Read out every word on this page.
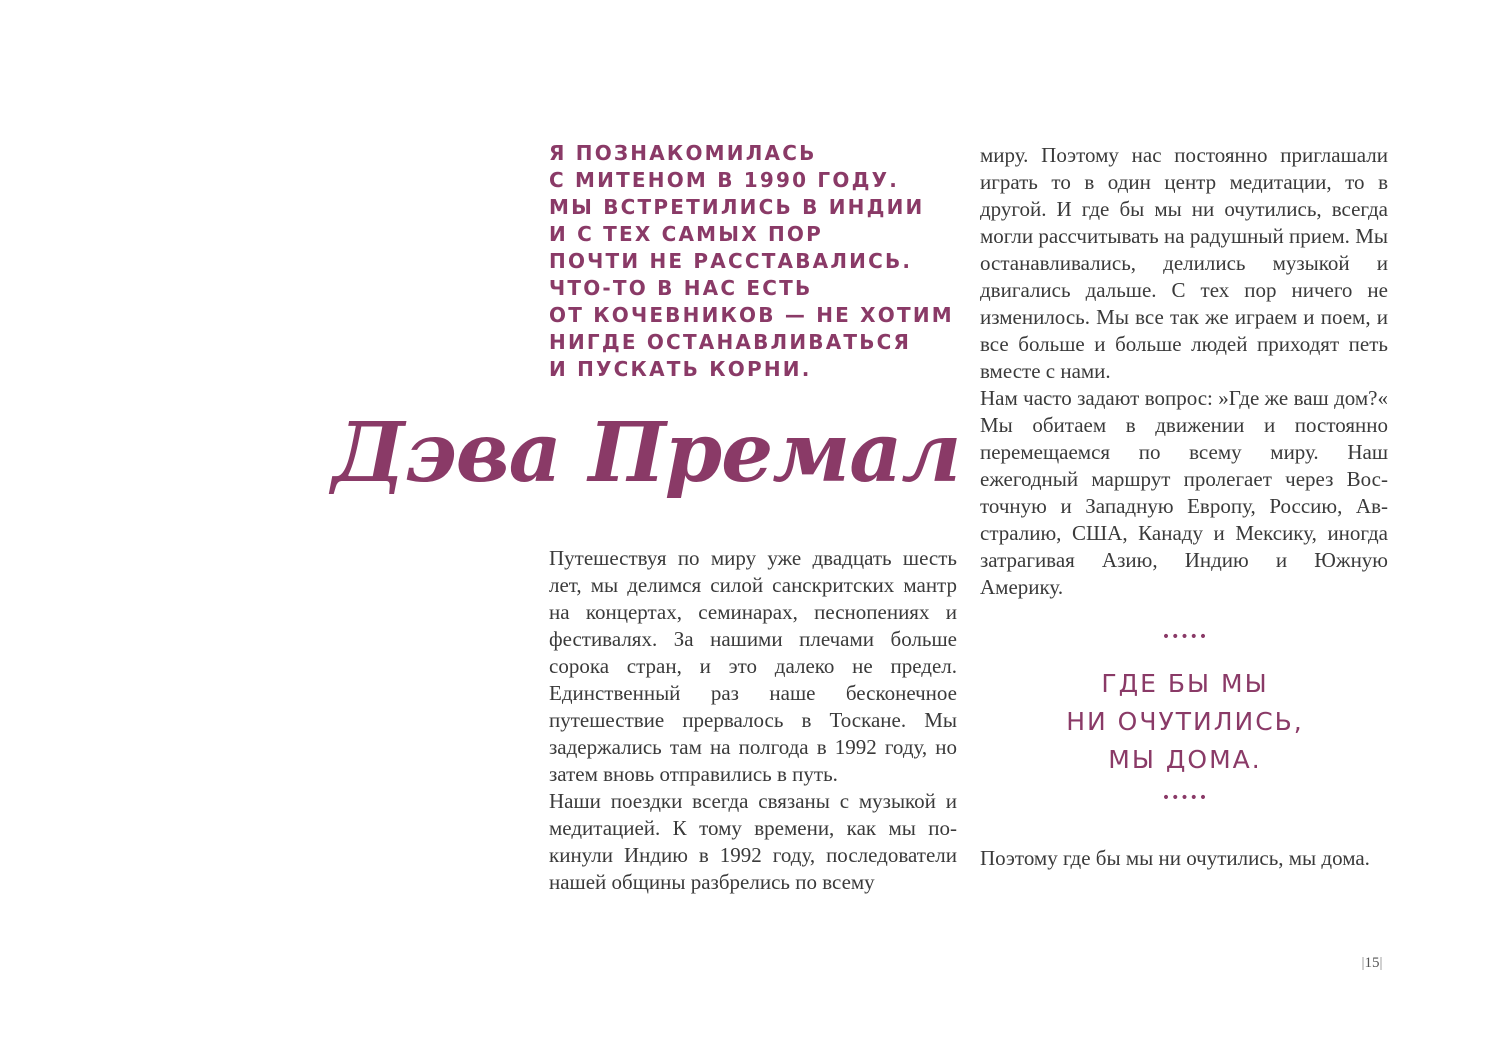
Я ПОЗНАКОМИЛАСЬ
С МИТЕНОМ В 1990 ГОДУ.
МЫ ВСТРЕТИЛИСЬ В ИНДИИ
И С ТЕХ САМЫХ ПОР
ПОЧТИ НЕ РАССТАВАЛИСЬ.
ЧТО-ТО В НАС ЕСТЬ
ОТ КОЧЕВНИКОВ — НЕ ХОТИМ
НИГДЕ ОСТАНАВЛИВАТЬСЯ
И ПУСКАТЬ КОРНИ.
Дэва Премал

Путешествуя по миру уже двадцать шесть лет, мы делимся силой санскритских мантр на концертах, семинарах, песнопениях и фестивалях. За нашими плечами больше сорока стран, и это далеко не предел. Единственный раз наше бесконечное путешествие прервалось в Тоскане. Мы задержались там на полгода в 1992 году, но затем вновь отправились в путь.

Наши поездки всегда связаны с музыкой и медитацией. К тому времени, как мы покинули Индию в 1992 году, последователи нашей общины разбрелись по всему

миру. Поэтому нас постоянно приглашали играть то в один центр медитации, то в другой. И где бы мы ни очутились, всегда могли рассчитывать на радушный прием. Мы останавливались, делились музыкой и двигались дальше. С тех пор ничего не изменилось. Мы все так же играем и поем, и все больше и больше людей приходят петь вместе с нами.

Нам часто задают вопрос: »Где же ваш дом?« Мы обитаем в движении и постоянно перемещаемся по всему миру. Наш ежегодный маршрут пролегает через Восточную и Западную Европу, Россию, Австралию, США, Канаду и Мексику, иногда затрагивая Азию, Индию и Южную Америку.

•••••
ГДЕ БЫ МЫ
НИ ОЧУТИЛИСЬ,
МЫ ДОМА.
•••••

Поэтому где бы мы ни очутились, мы дома.

|15|
